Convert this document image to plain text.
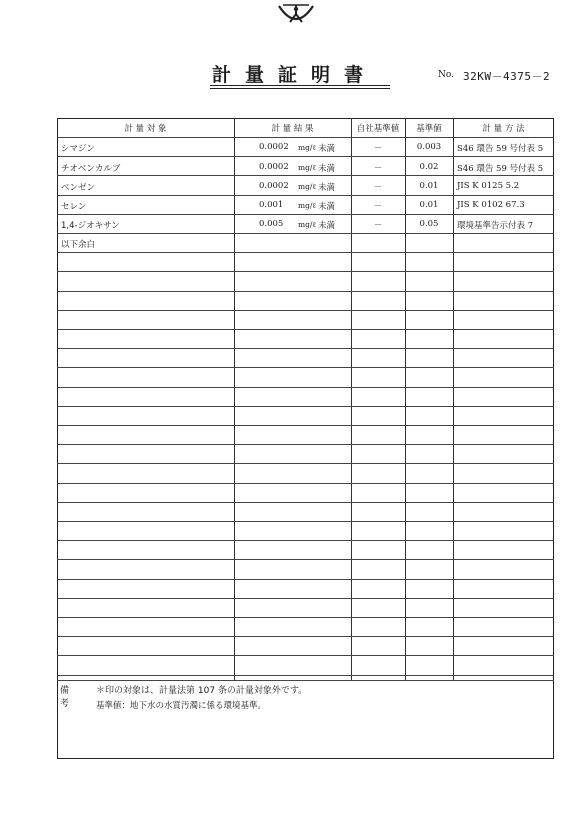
計量証明書	No. 32KW－4375－2
計 量 対 象	計 量 結 果	自社基準値	基準値	計 量 方 法
シマジン	0.0002 mg/ℓ 未満	－	0.003	S46 環告 59 号付表 5
チオベンカルブ	0.0002 mg/ℓ 未満	－	0.02	S46 環告 59 号付表 5
ベンゼン	0.0002 mg/ℓ 未満	－	0.01	JIS K 0125 5.2
セレン	0.001 mg/ℓ 未満	－	0.01	JIS K 0102 67.3
1,4-ジオキサン	0.005 mg/ℓ 未満	－	0.05	環境基準告示付表 7
以下余白
備考
＊印の対象は、計量法第 107 条の計量対象外です。
基準値：地下水の水質汚濁に係る環境基準。
